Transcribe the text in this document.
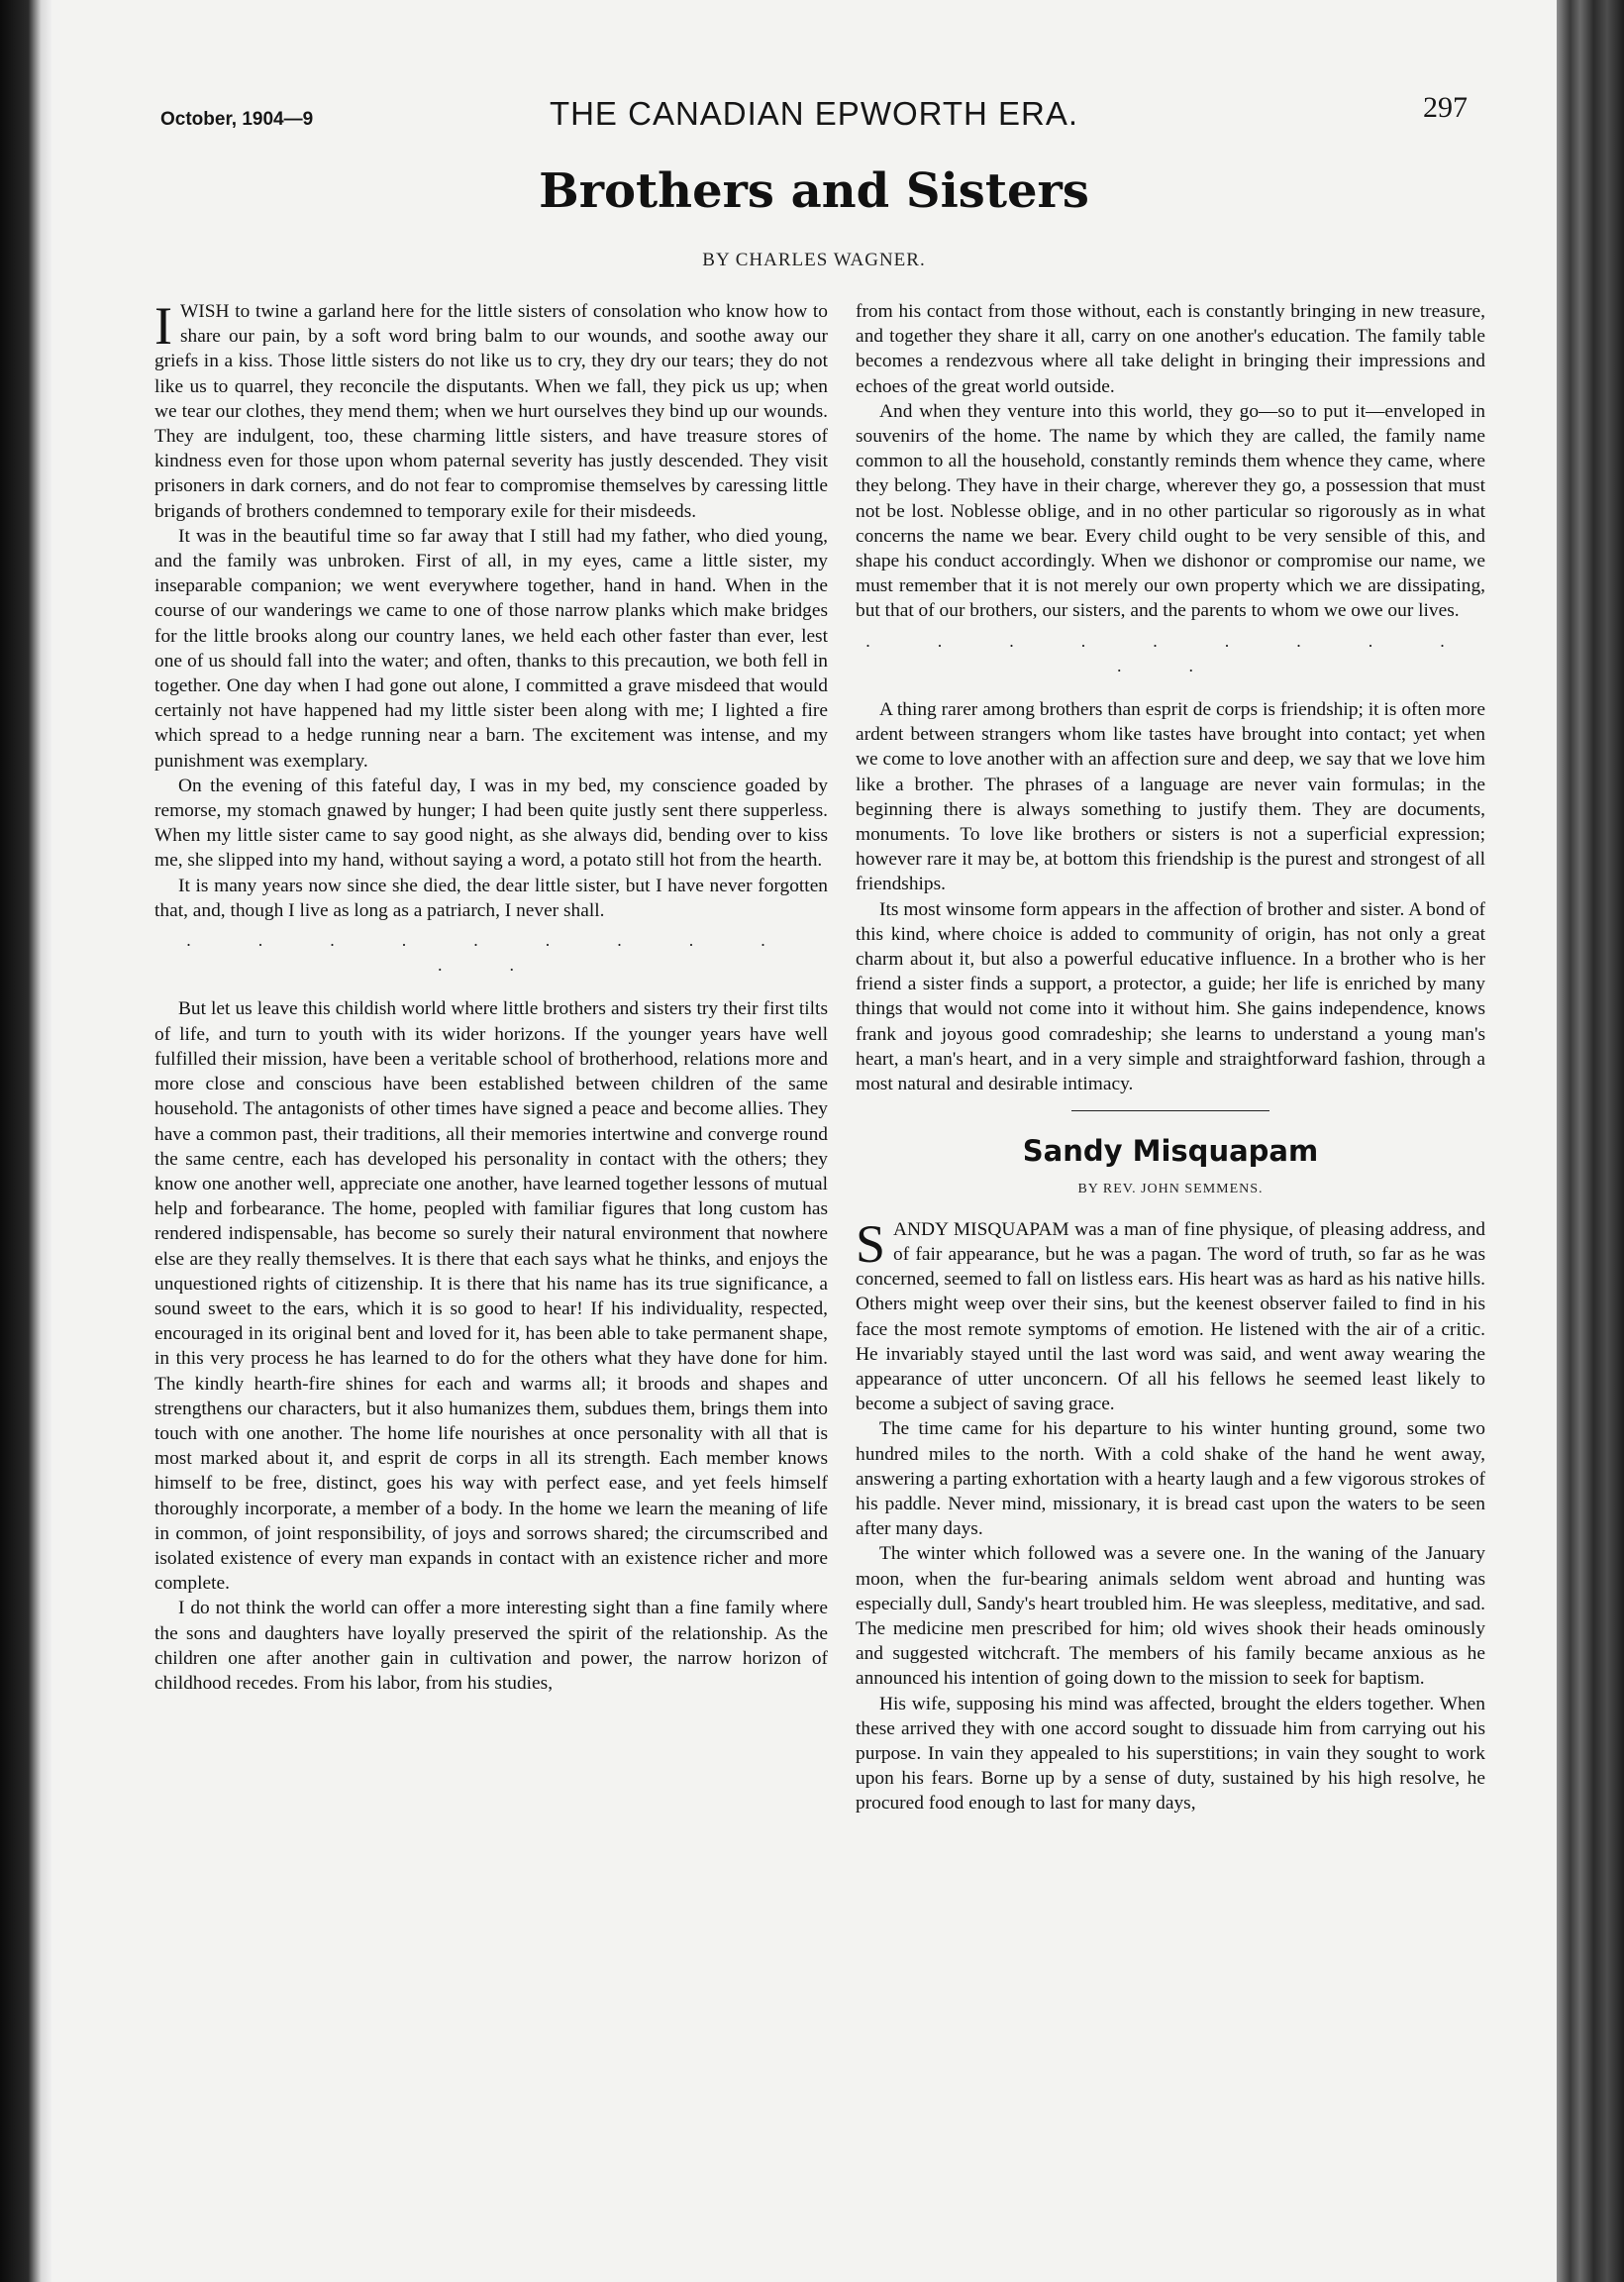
October, 1904—9	THE CANADIAN EPWORTH ERA.	297
Brothers and Sisters
BY CHARLES WAGNER.

I WISH to twine a garland here for the little sisters of consolation who know how to share our pain, by a soft word bring balm to our wounds, and soothe away our griefs in a kiss. Those little sisters do not like us to cry, they dry our tears; they do not like us to quarrel, they reconcile the disputants. When we fall, they pick us up; when we tear our clothes, they mend them; when we hurt ourselves they bind up our wounds. They are indulgent, too, these charming little sisters, and have treasure stores of kindness even for those upon whom paternal severity has justly descended. They visit prisoners in dark corners, and do not fear to compromise themselves by caressing little brigands of brothers condemned to temporary exile for their misdeeds.

It was in the beautiful time so far away that I still had my father, who died young, and the family was unbroken. First of all, in my eyes, came a little sister, my inseparable companion; we went everywhere together, hand in hand. When in the course of our wanderings we came to one of those narrow planks which make bridges for the little brooks along our country lanes, we held each other faster than ever, lest one of us should fall into the water; and often, thanks to this precaution, we both fell in together. One day when I had gone out alone, I committed a grave misdeed that would certainly not have happened had my little sister been along with me; I lighted a fire which spread to a hedge running near a barn. The excitement was intense, and my punishment was exemplary.

On the evening of this fateful day, I was in my bed, my conscience goaded by remorse, my stomach gnawed by hunger; I had been quite justly sent there supperless. When my little sister came to say good night, as she always did, bending over to kiss me, she slipped into my hand, without saying a word, a potato still hot from the hearth.

It is many years now since she died, the dear little sister, but I have never forgotten that, and, though I live as long as a patriarch, I never shall.

· · · · · · · · · · ·

But let us leave this childish world where little brothers and sisters try their first tilts of life, and turn to youth with its wider horizons. If the younger years have well fulfilled their mission, have been a veritable school of brotherhood, relations more and more close and conscious have been established between children of the same household. The antagonists of other times have signed a peace and become allies. They have a common past, their traditions, all their memories intertwine and converge round the same centre, each has developed his personality in contact with the others; they know one another well, appreciate one another, have learned together lessons of mutual help and forbearance. The home, peopled with familiar figures that long custom has rendered indispensable, has become so surely their natural environment that nowhere else are they really themselves. It is there that each says what he thinks, and enjoys the unquestioned rights of citizenship. It is there that his name has its true significance, a sound sweet to the ears, which it is so good to hear! If his individuality, respected, encouraged in its original bent and loved for it, has been able to take permanent shape, in this very process he has learned to do for the others what they have done for him. The kindly hearth-fire shines for each and warms all; it broods and shapes and strengthens our characters, but it also humanizes them, subdues them, brings them into touch with one another. The home life nourishes at once personality with all that is most marked about it, and esprit de corps in all its strength. Each member knows himself to be free, distinct, goes his way with perfect ease, and yet feels himself thoroughly incorporate, a member of a body. In the home we learn the meaning of life in common, of joint responsibility, of joys and sorrows shared; the circumscribed and isolated existence of every man expands in contact with an existence richer and more complete.

I do not think the world can offer a more interesting sight than a fine family where the sons and daughters have loyally preserved the spirit of the relationship. As the children one after another gain in cultivation and power, the narrow horizon of childhood recedes. From his labor, from his studies,

from his contact from those without, each is constantly bringing in new treasure, and together they share it all, carry on one another's education. The family table becomes a rendezvous where all take delight in bringing their impressions and echoes of the great world outside.

And when they venture into this world, they go—so to put it—enveloped in souvenirs of the home. The name by which they are called, the family name common to all the household, constantly reminds them whence they came, where they belong. They have in their charge, wherever they go, a possession that must not be lost. Noblesse oblige, and in no other particular so rigorously as in what concerns the name we bear. Every child ought to be very sensible of this, and shape his conduct accordingly. When we dishonor or compromise our name, we must remember that it is not merely our own property which we are dissipating, but that of our brothers, our sisters, and the parents to whom we owe our lives.

· · · · · · · · · · ·

A thing rarer among brothers than esprit de corps is friendship; it is often more ardent between strangers whom like tastes have brought into contact; yet when we come to love another with an affection sure and deep, we say that we love him like a brother. The phrases of a language are never vain formulas; in the beginning there is always something to justify them. They are documents, monuments. To love like brothers or sisters is not a superficial expression; however rare it may be, at bottom this friendship is the purest and strongest of all friendships.

Its most winsome form appears in the affection of brother and sister. A bond of this kind, where choice is added to community of origin, has not only a great charm about it, but also a powerful educative influence. In a brother who is her friend a sister finds a support, a protector, a guide; her life is enriched by many things that would not come into it without him. She gains independence, knows frank and joyous good comradeship; she learns to understand a young man's heart, a man's heart, and in a very simple and straightforward fashion, through a most natural and desirable intimacy.

Sandy Misquapam
BY REV. JOHN SEMMENS.

SANDY MISQUAPAM was a man of fine physique, of pleasing address, and of fair appearance, but he was a pagan. The word of truth, so far as he was concerned, seemed to fall on listless ears. His heart was as hard as his native hills. Others might weep over their sins, but the keenest observer failed to find in his face the most remote symptoms of emotion. He listened with the air of a critic. He invariably stayed until the last word was said, and went away wearing the appearance of utter unconcern. Of all his fellows he seemed least likely to become a subject of saving grace.

The time came for his departure to his winter hunting ground, some two hundred miles to the north. With a cold shake of the hand he went away, answering a parting exhortation with a hearty laugh and a few vigorous strokes of his paddle. Never mind, missionary, it is bread cast upon the waters to be seen after many days.

The winter which followed was a severe one. In the waning of the January moon, when the fur-bearing animals seldom went abroad and hunting was especially dull, Sandy's heart troubled him. He was sleepless, meditative, and sad. The medicine men prescribed for him; old wives shook their heads ominously and suggested witchcraft. The members of his family became anxious as he announced his intention of going down to the mission to seek for baptism.

His wife, supposing his mind was affected, brought the elders together. When these arrived they with one accord sought to dissuade him from carrying out his purpose. In vain they appealed to his superstitions; in vain they sought to work upon his fears. Borne up by a sense of duty, sustained by his high resolve, he procured food enough to last for many days,
